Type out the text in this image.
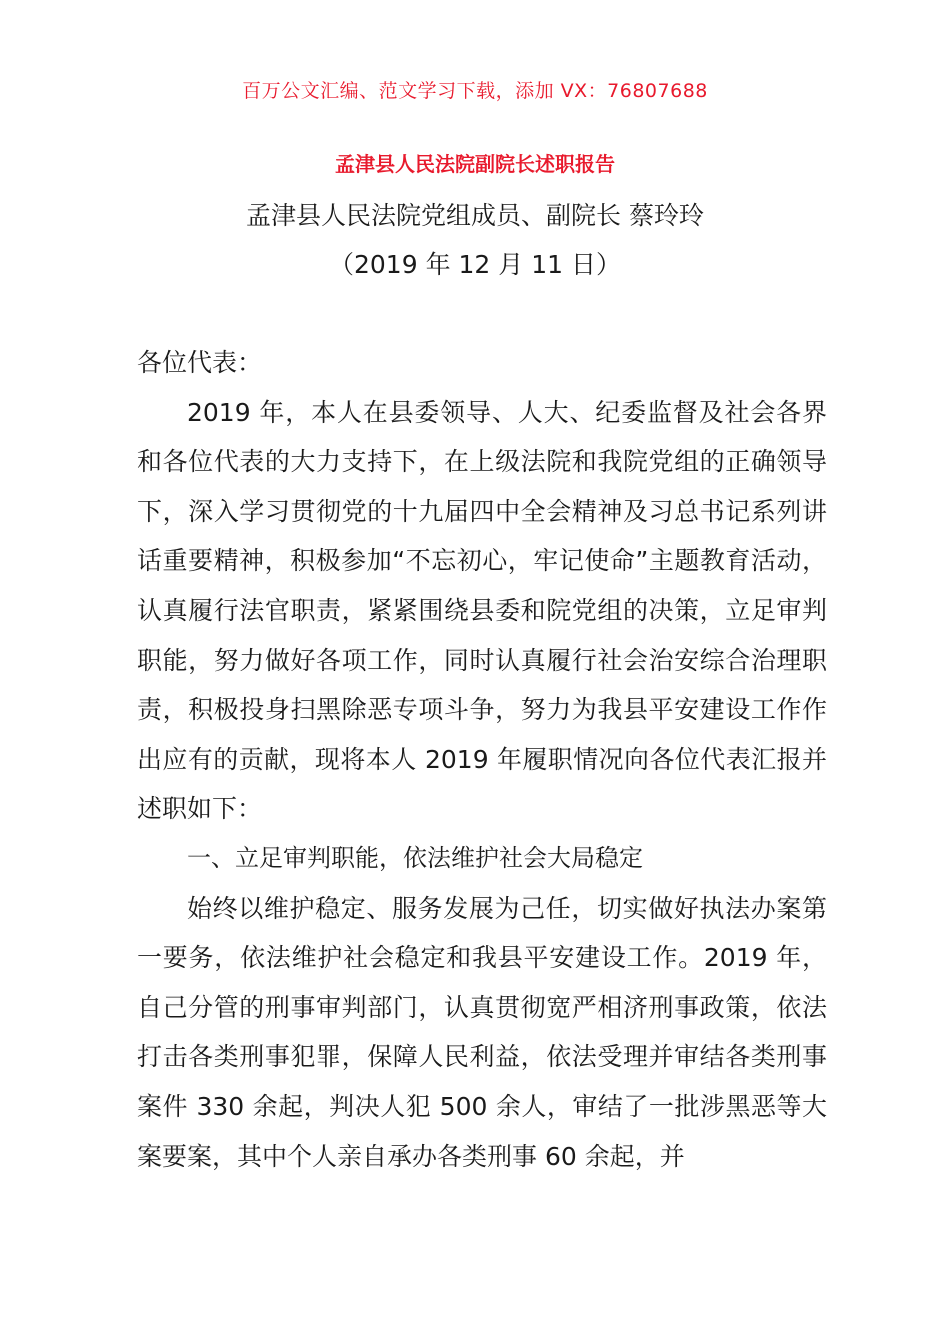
百万公文汇编、范文学习下载，添加 VX：76807688
孟津县人民法院副院长述职报告
孟津县人民法院党组成员、副院长 蔡玲玲
（2019 年 12 月 11 日）

各位代表：

2019 年，本人在县委领导、人大、纪委监督及社会各界和各位代表的大力支持下，在上级法院和我院党组的正确领导下，深入学习贯彻党的十九届四中全会精神及习总书记系列讲话重要精神，积极参加“不忘初心，牢记使命”主题教育活动，认真履行法官职责，紧紧围绕县委和院党组的决策，立足审判职能，努力做好各项工作，同时认真履行社会治安综合治理职责，积极投身扫黑除恶专项斗争，努力为我县平安建设工作作出应有的贡献，现将本人 2019 年履职情况向各位代表汇报并述职如下：

一、立足审判职能，依法维护社会大局稳定

始终以维护稳定、服务发展为己任，切实做好执法办案第一要务，依法维护社会稳定和我县平安建设工作。2019 年，自己分管的刑事审判部门，认真贯彻宽严相济刑事政策，依法打击各类刑事犯罪，保障人民利益，依法受理并审结各类刑事案件 330 余起，判决人犯 500 余人，审结了一批涉黑恶等大案要案，其中个人亲自承办各类刑事 60 余起，并
